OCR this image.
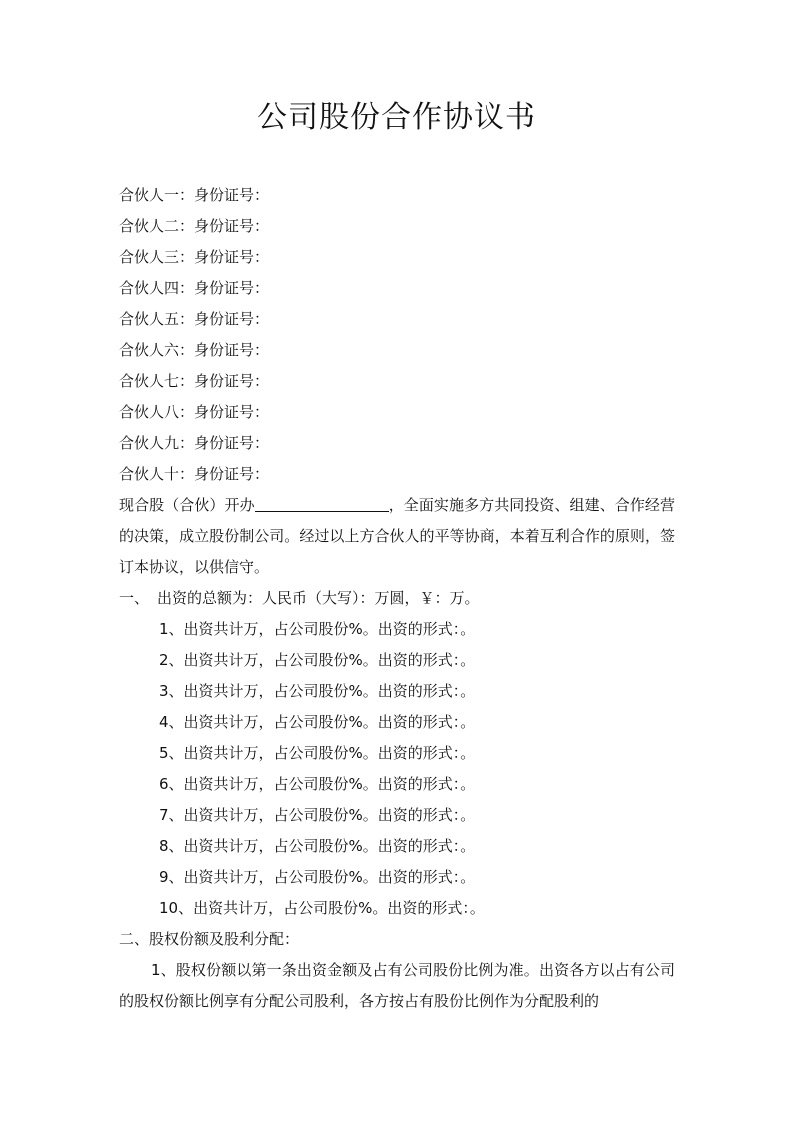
公司股份合作协议书
合伙人一：身份证号：
合伙人二：身份证号：
合伙人三：身份证号：
合伙人四：身份证号：
合伙人五：身份证号：
合伙人六：身份证号：
合伙人七：身份证号：
合伙人八：身份证号：
合伙人九：身份证号：
合伙人十：身份证号：
现合股（合伙）开办	，全面实施多方共同投资、组建、合作经营的决策，成立股份制公司。经过以上方合伙人的平等协商，本着互利合作的原则，签订本协议，以供信守。
一、 出资的总额为：人民币（大写）：万圆，￥：万。
1、出资共计万，占公司股份%。出资的形式：。
2、出资共计万，占公司股份%。出资的形式：。
3、出资共计万，占公司股份%。出资的形式：。
4、出资共计万，占公司股份%。出资的形式：。
5、出资共计万，占公司股份%。出资的形式：。
6、出资共计万，占公司股份%。出资的形式：。
7、出资共计万，占公司股份%。出资的形式：。
8、出资共计万，占公司股份%。出资的形式：。
9、出资共计万，占公司股份%。出资的形式：。
10、出资共计万，占公司股份%。出资的形式：。
二、股权份额及股利分配：
1、股权份额以第一条出资金额及占有公司股份比例为准。出资各方以占有公司的股权份额比例享有分配公司股利，各方按占有股份比例作为分配股利的
